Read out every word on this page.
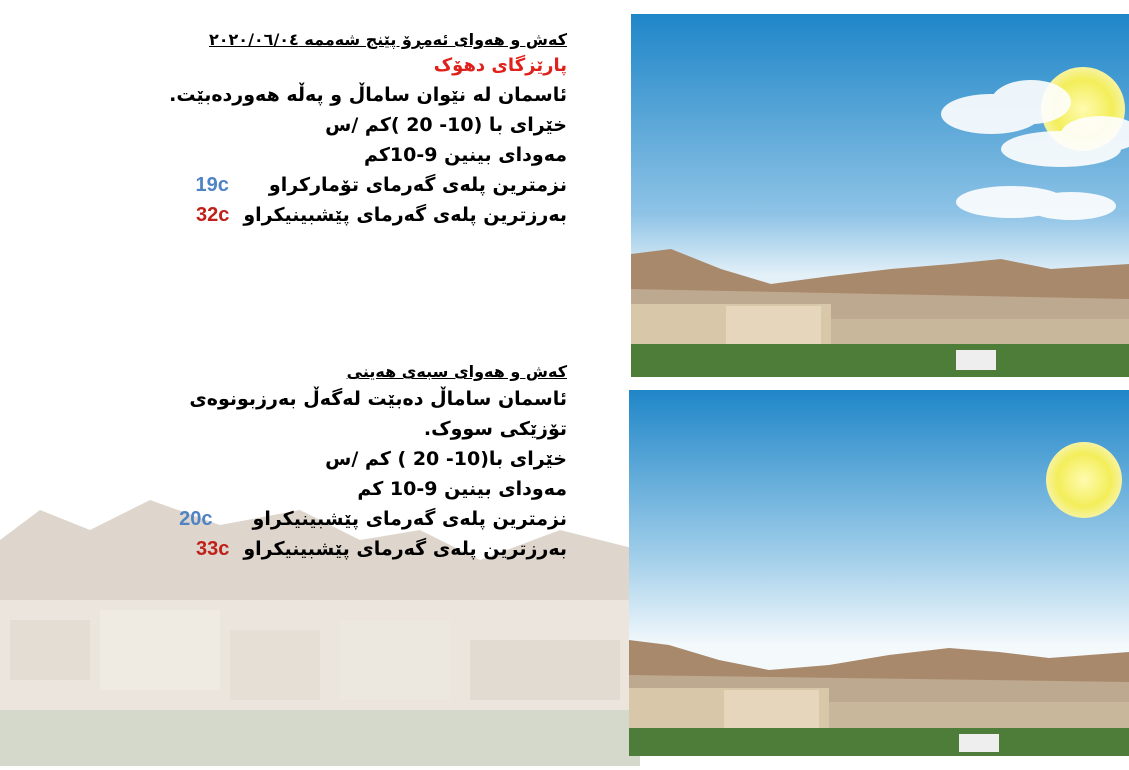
کەش و هەوای ئەمڕۆ پێنج شەممە ٢٠٢٠/٠٦/٠٤
پارێزگای دهۆک
ئاسمان لە نێوان ساماڵ و پەڵە هەوردەبێت.
خێرای با (10- 20 )کم /س
مەودای بینین 9-10کم
نزمترین پلەی گەرمای تۆمارکراو19c
بەرزترین پلەی گەرمای پێشبینیکراو32c
کەش و هەوای سبەی هەینی
ئاسمان ساماڵ دەبێت لەگەڵ بەرزبونوەی تۆزێکی سووک.
خێرای با(10- 20 ) کم /س
مەودای بینین 9-10 کم
نزمترین پلەی گەرمای پێشبینیکراو20c
بەرزترین پلەی گەرمای پێشبینیکراو33c
